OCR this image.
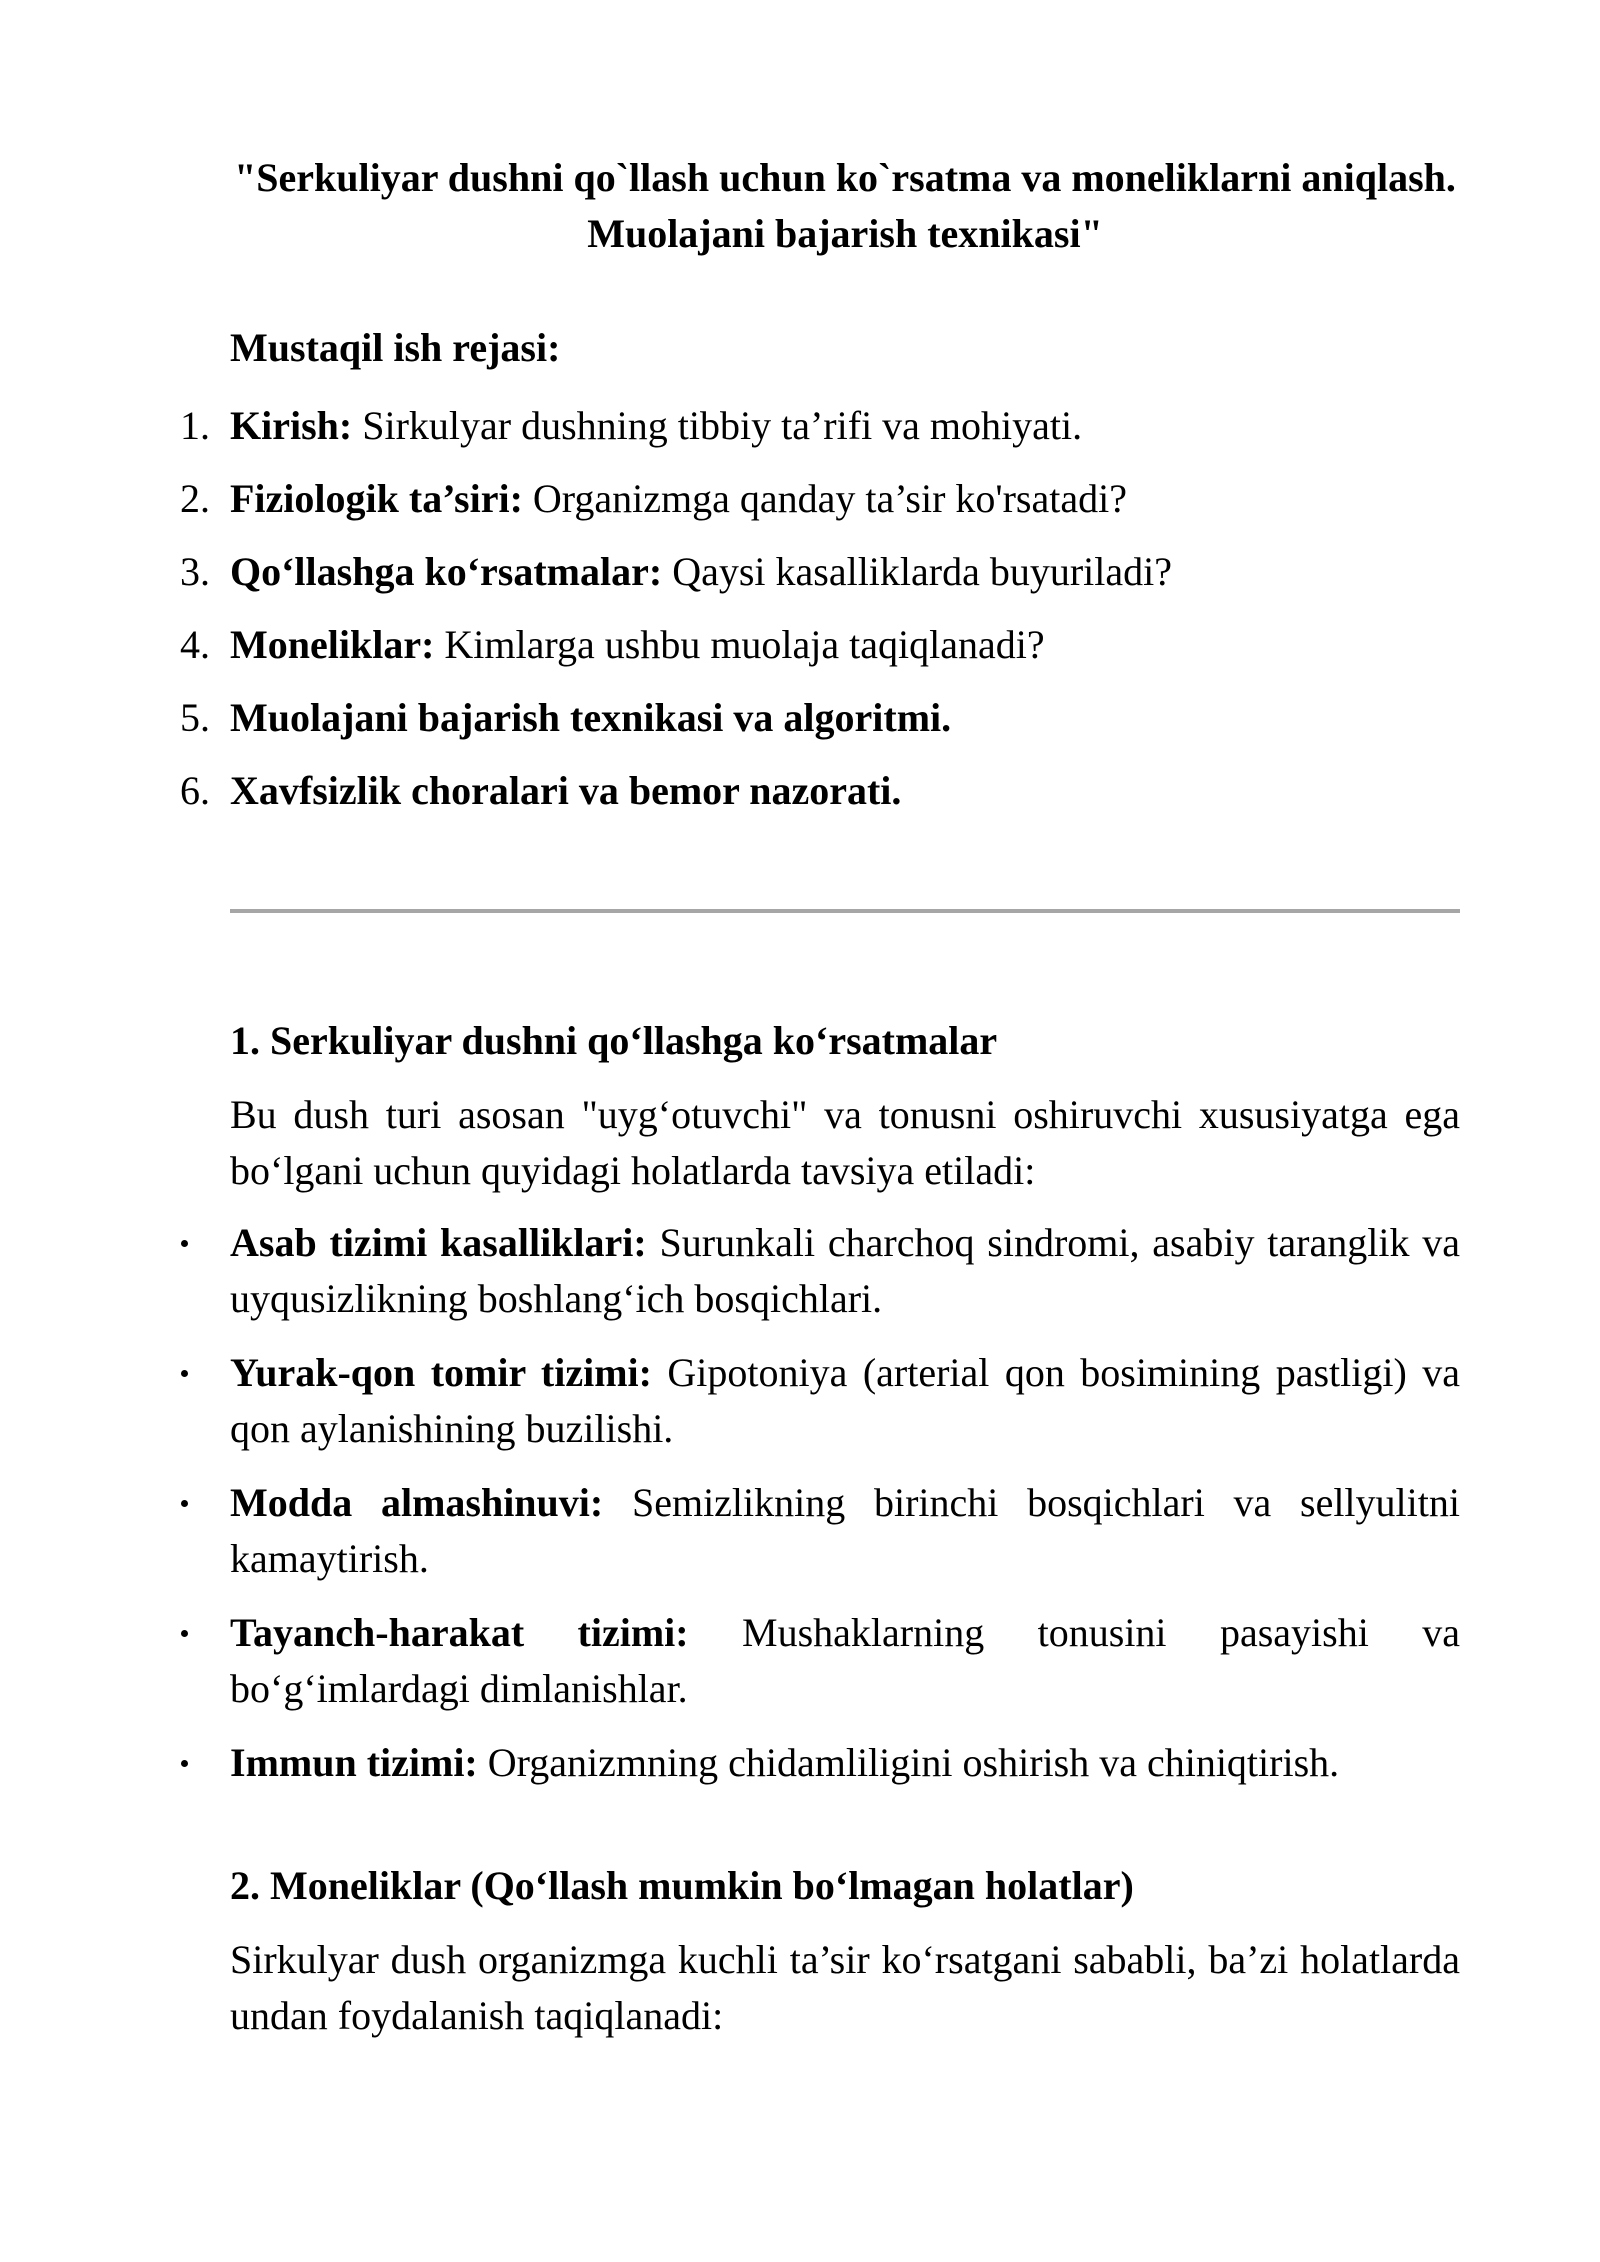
"Serkuliyar dushni qo`llash uchun ko`rsatma va moneliklarni aniqlash. Muolajani bajarish texnikasi"
Mustaqil ish rejasi:
1. Kirish: Sirkulyar dushning tibbiy ta’rifi va mohiyati.
2. Fiziologik ta’siri: Organizmga qanday ta’sir ko'rsatadi?
3. Qo‘llashga ko‘rsatmalar: Qaysi kasalliklarda buyuriladi?
4. Moneliklar: Kimlarga ushbu muolaja taqiqlanadi?
5. Muolajani bajarish texnikasi va algoritmi.
6. Xavfsizlik choralari va bemor nazorati.
1. Serkuliyar dushni qo‘llashga ko‘rsatmalar
Bu dush turi asosan "uyg‘otuvchi" va tonusni oshiruvchi xususiyatga ega bo‘lgani uchun quyidagi holatlarda tavsiya etiladi:
Asab tizimi kasalliklari: Surunkali charchoq sindromi, asabiy taranglik va uyqusizlikning boshlang‘ich bosqichlari.
Yurak-qon tomir tizimi: Gipotoniya (arterial qon bosimining pastligi) va qon aylanishining buzilishi.
Modda almashinuvi: Semizlikning birinchi bosqichlari va sellyulitni kamaytirish.
Tayanch-harakat tizimi: Mushaklarning tonusini pasayishi va bo‘g‘imlardagi dimlanishlar.
Immun tizimi: Organizmning chidamliligini oshirish va chiniqtirish.
2. Moneliklar (Qo‘llash mumkin bo‘lmagan holatlar)
Sirkulyar dush organizmga kuchli ta’sir ko‘rsatgani sababli, ba’zi holatlarda undan foydalanish taqiqlanadi:
